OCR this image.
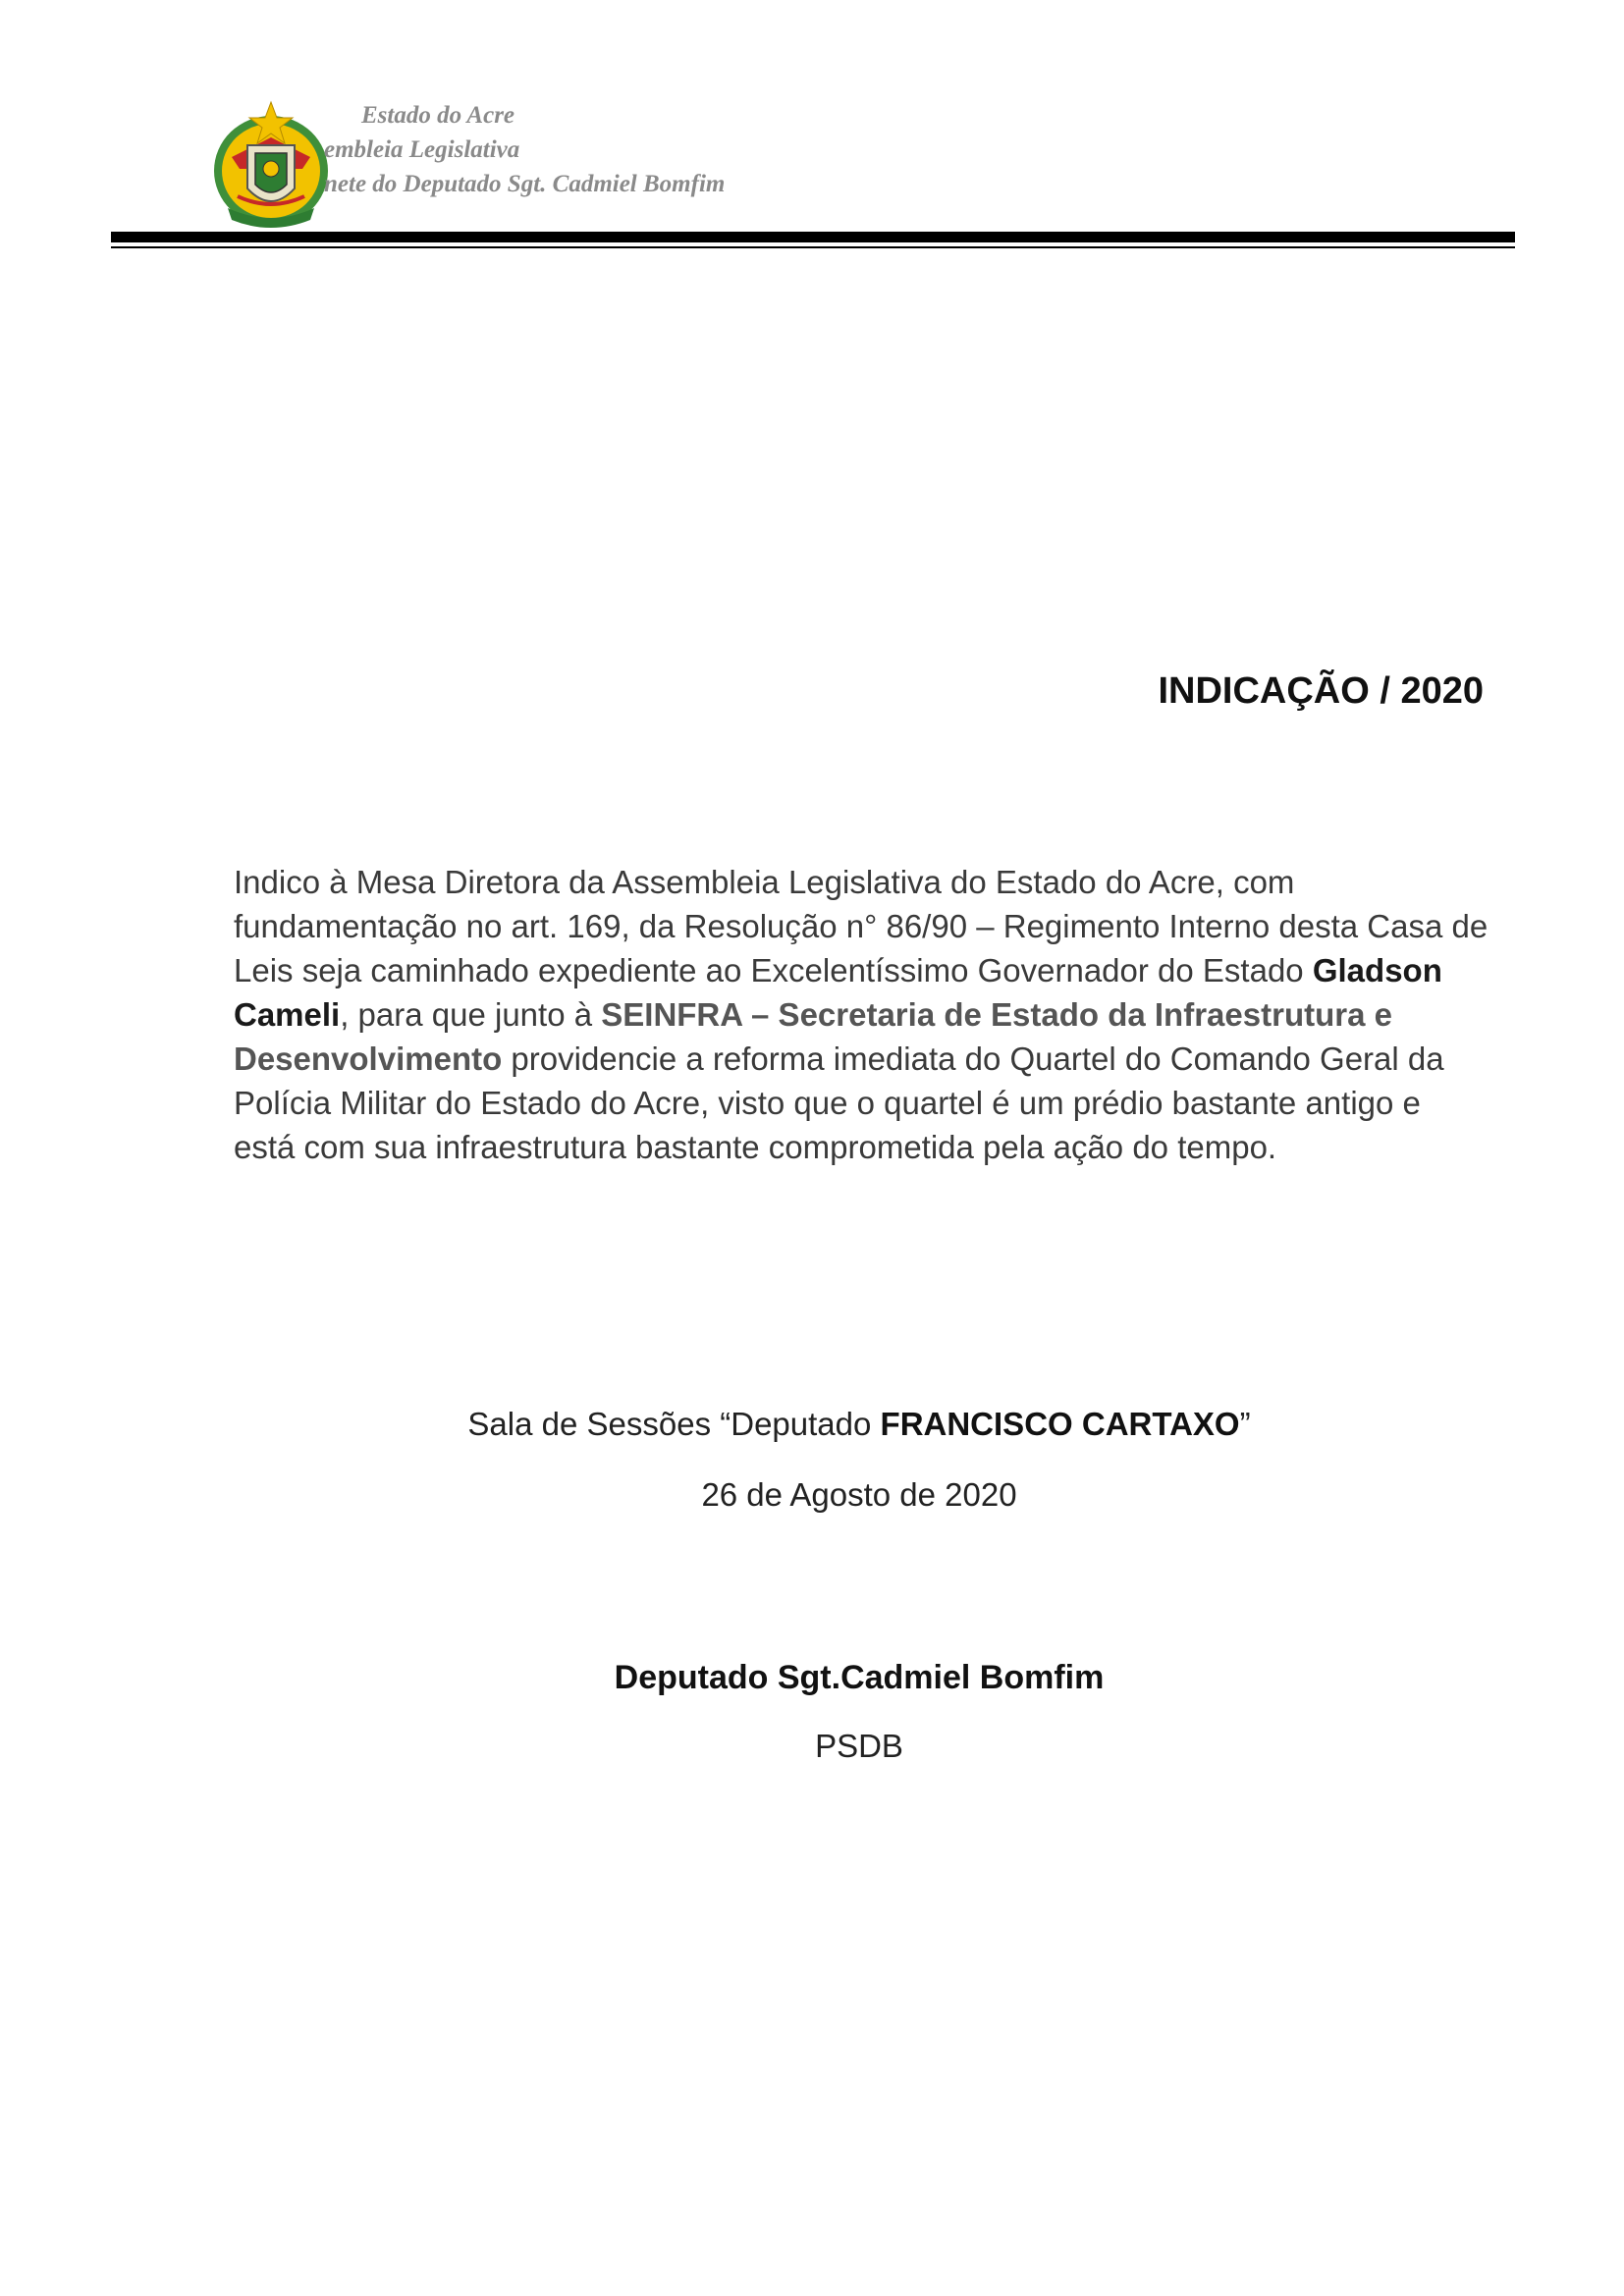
Estado do Acre
embleia Legislativa
nete do Deputado Sgt. Cadmiel Bomfim
INDICAÇÃO / 2020
Indico à Mesa Diretora da Assembleia Legislativa do Estado do Acre, com fundamentação no art. 169, da Resolução n° 86/90 – Regimento Interno desta Casa de Leis seja caminhado expediente ao Excelentíssimo Governador do Estado Gladson Cameli, para que junto à SEINFRA – Secretaria de Estado da Infraestrutura e Desenvolvimento providencie a reforma imediata do Quartel do Comando Geral da Polícia Militar do Estado do Acre, visto que o quartel é um prédio bastante antigo e está com sua infraestrutura bastante comprometida pela ação do tempo.
Sala de Sessões “Deputado FRANCISCO CARTAXO”
26 de Agosto de 2020
Deputado Sgt.Cadmiel Bomfim
PSDB
